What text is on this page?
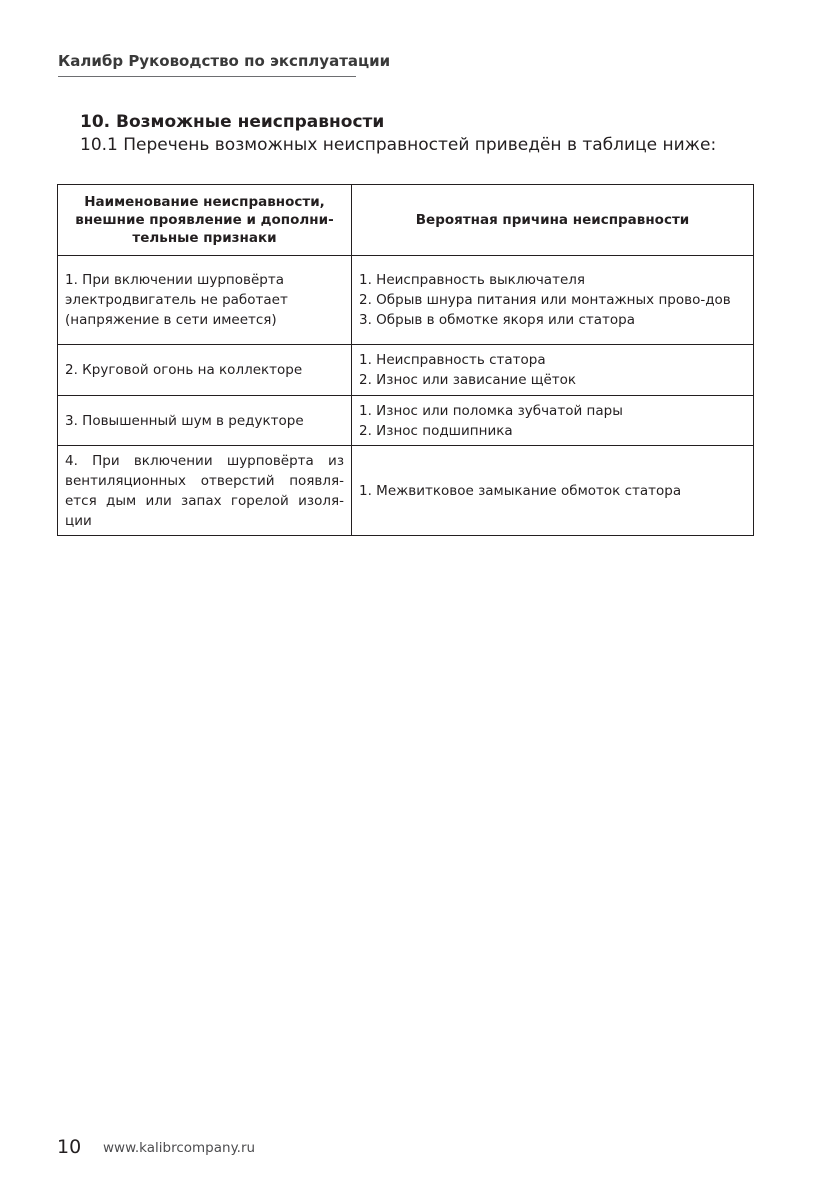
Калибр Руководство по эксплуатации
10. Возможные неисправности
10.1 Перечень возможных неисправностей приведён в таблице ниже:
Наименование неисправности,
внешние проявление и дополни-
тельные признаки	Вероятная причина неисправности

1. При включении шурповёрта
электродвигатель не работает
(напряжение в сети имеется)	1. Неисправность выключателя
2. Обрыв шнура питания или монтажных прово-дов
3. Обрыв в обмотке якоря или статора

2. Круговой огонь на коллекторе	1. Неисправность статора
2. Износ или зависание щёток

3. Повышенный шум в редукторе	1. Износ или поломка зубчатой пары
2. Износ подшипника

4. При включении шурповёрта из вентиляционных отверстий появля-ется дым или запах горелой изоля-ции	1. Межвитковое замыкание обмоток статора
10 www.kalibrcompany.ru
